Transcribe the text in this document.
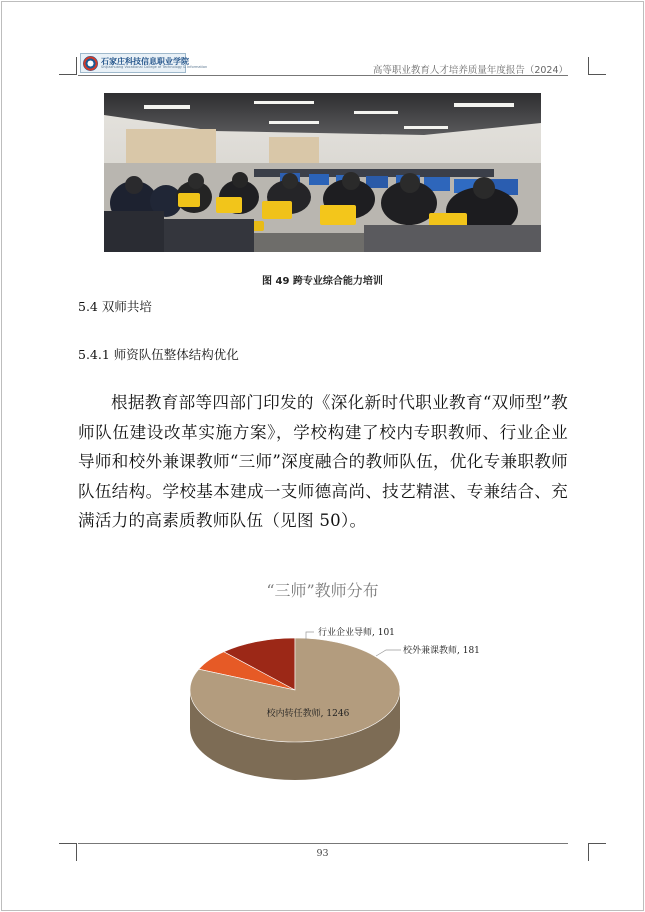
石家庄科技信息职业学院
Shijiazhuang Vocational College of Technology & Information	高等职业教育人才培养质量年度报告（2024）
图 49 跨专业综合能力培训
5.4 双师共培
5.4.1 师资队伍整体结构优化

根据教育部等四部门印发的《深化新时代职业教育“双师型”教师队伍建设改革实施方案》，学校构建了校内专职教师、行业企业导师和校外兼课教师“三师”深度融合的教师队伍，优化专兼职教师队伍结构。学校基本建成一支师德高尚、技艺精湛、专兼结合、充满活力的高素质教师队伍（见图 50）。

“三师”教师分布
校内转任教师, 1246
行业企业导师, 101
校外兼课教师, 181
93
